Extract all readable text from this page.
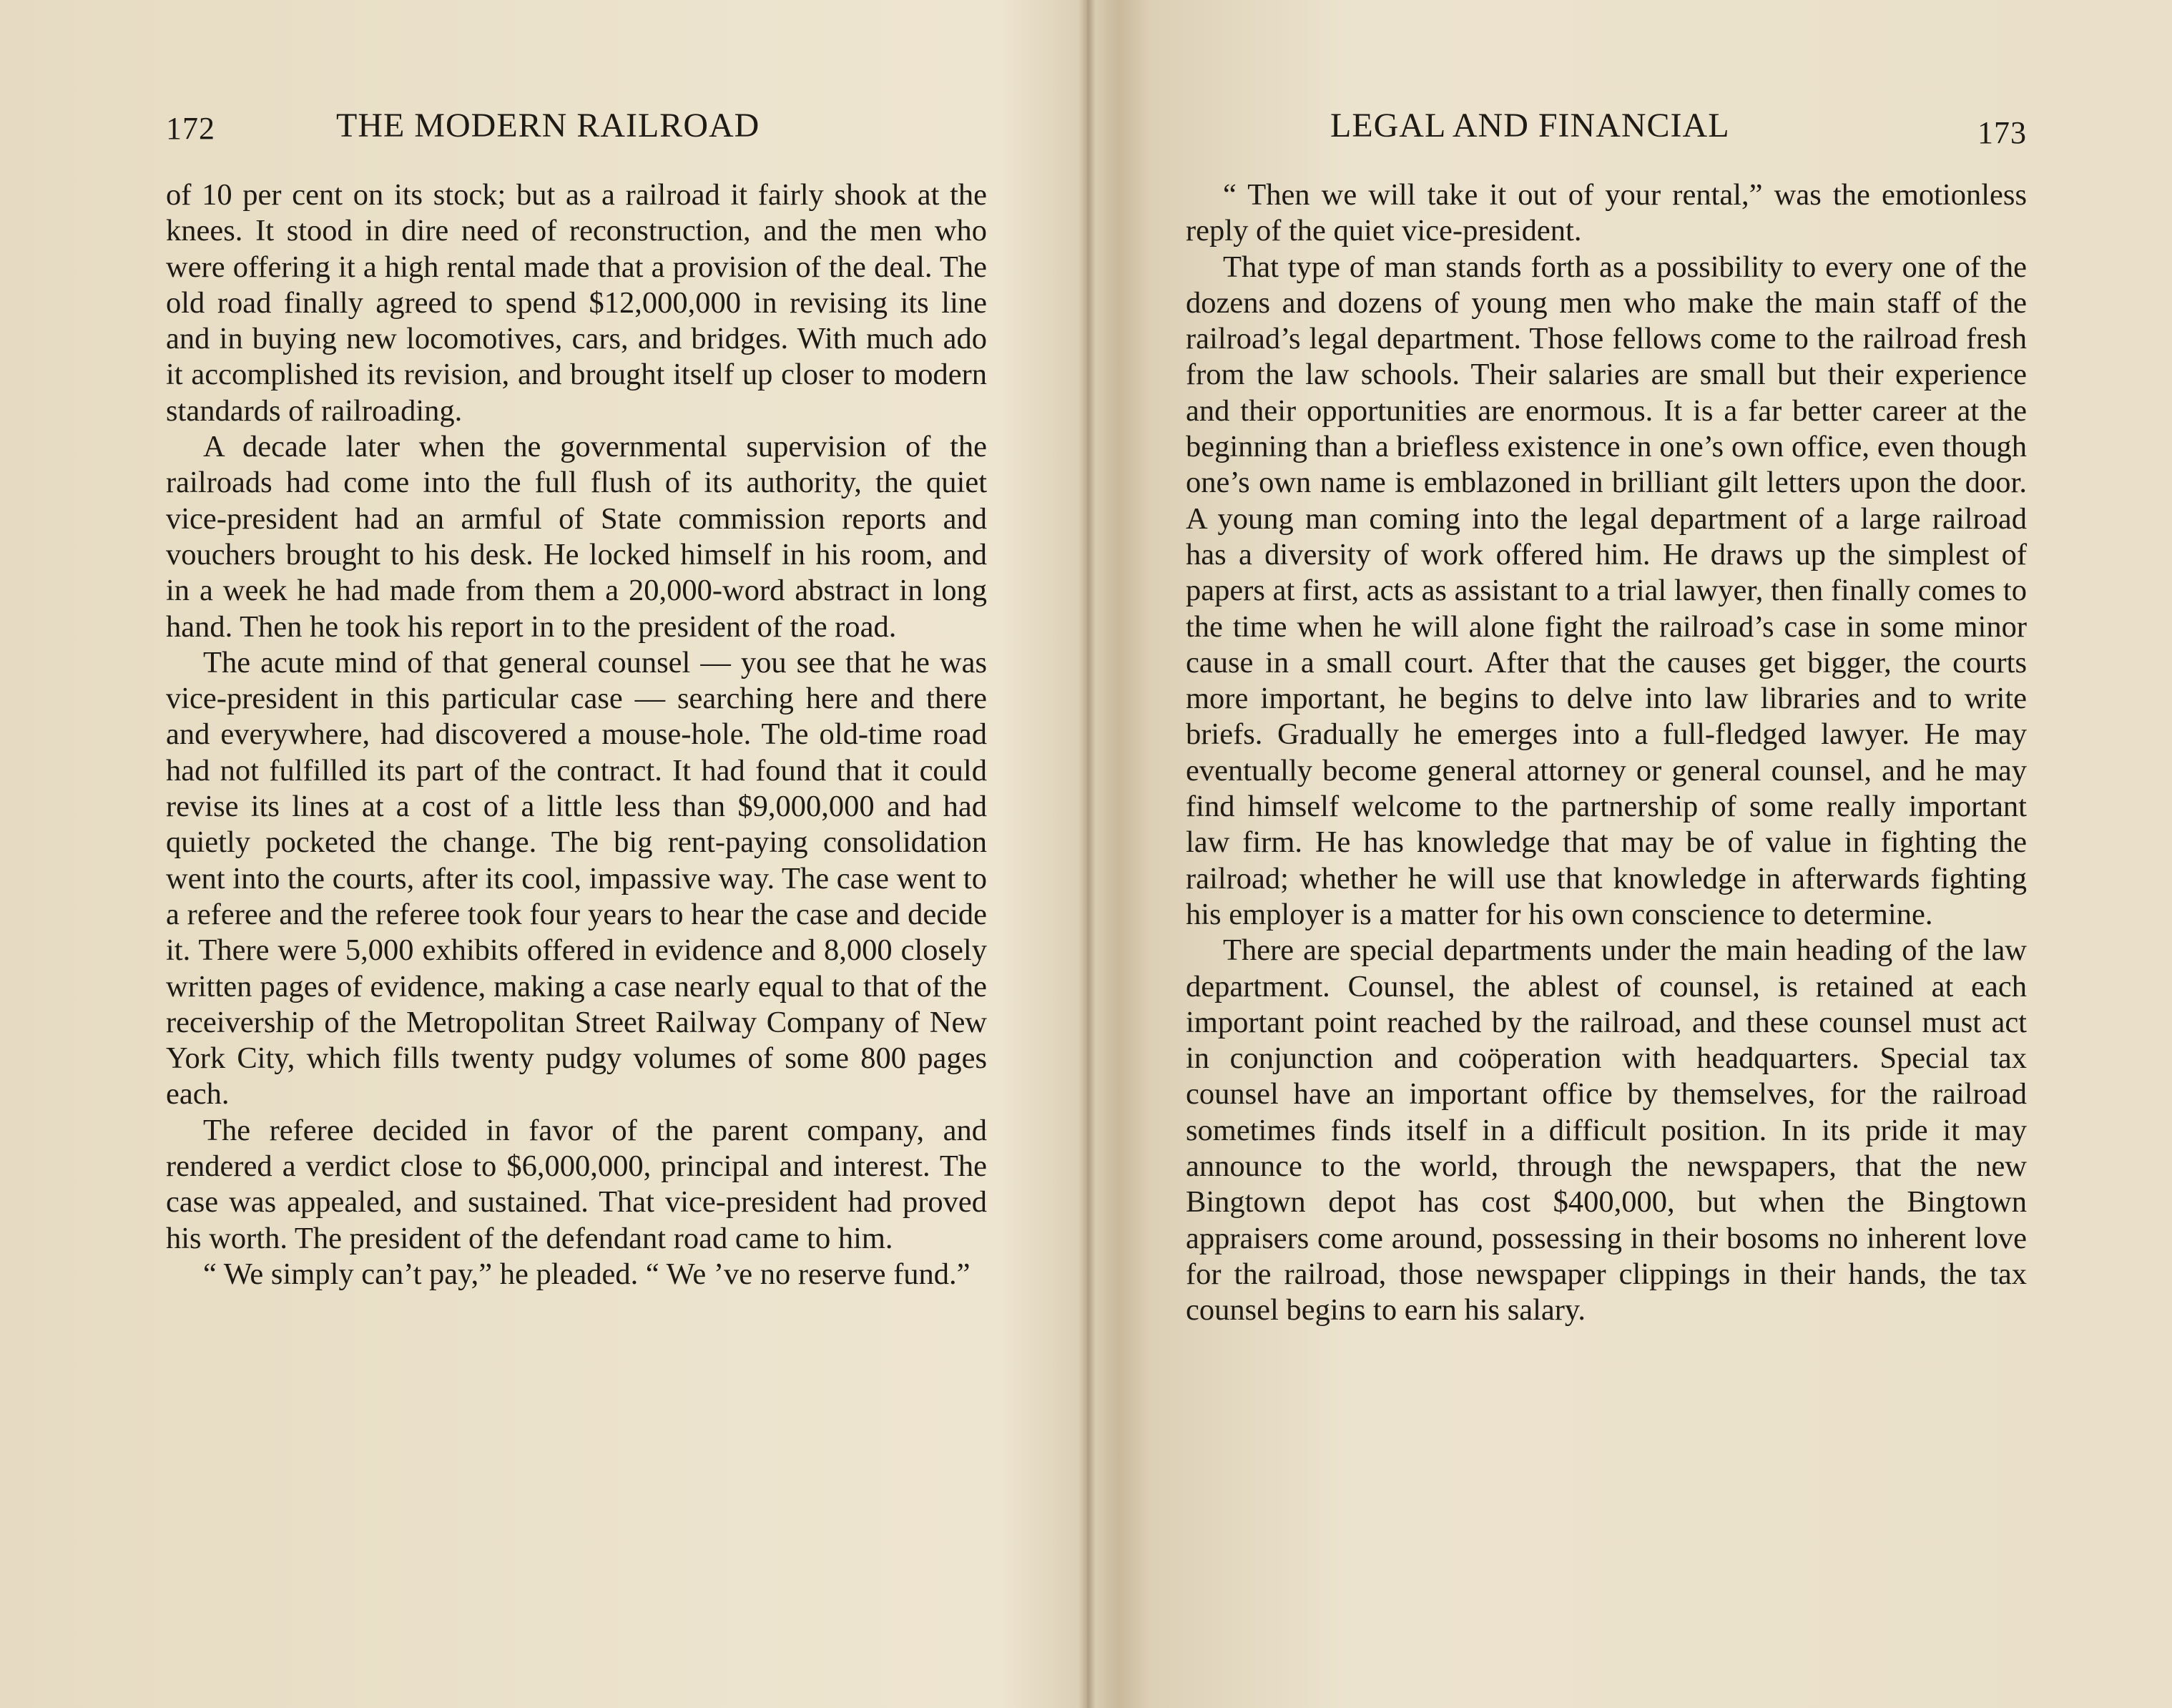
172	THE MODERN RAILROAD

of 10 per cent on its stock; but as a railroad it fairly shook at the knees. It stood in dire need of reconstruction, and the men who were offering it a high rental made that a provision of the deal. The old road finally agreed to spend $12,000,000 in revising its line and in buying new locomotives, cars, and bridges. With much ado it accomplished its revision, and brought itself up closer to modern standards of railroading.

A decade later when the governmental supervision of the railroads had come into the full flush of its authority, the quiet vice-president had an armful of State commission reports and vouchers brought to his desk. He locked himself in his room, and in a week he had made from them a 20,000-word abstract in long hand. Then he took his report in to the president of the road.

The acute mind of that general counsel — you see that he was vice-president in this particular case — searching here and there and everywhere, had discovered a mouse-hole. The old-time road had not fulfilled its part of the contract. It had found that it could revise its lines at a cost of a little less than $9,000,000 and had quietly pocketed the change. The big rent-paying consolidation went into the courts, after its cool, impassive way. The case went to a referee and the referee took four years to hear the case and decide it. There were 5,000 exhibits offered in evidence and 8,000 closely written pages of evidence, making a case nearly equal to that of the receivership of the Metropolitan Street Railway Company of New York City, which fills twenty pudgy volumes of some 800 pages each.

The referee decided in favor of the parent company, and rendered a verdict close to $6,000,000, principal and interest. The case was appealed, and sustained. That vice-president had proved his worth. The president of the defendant road came to him.

“ We simply can’t pay,” he pleaded. “ We ’ve no reserve fund.”

LEGAL AND FINANCIAL	173

“ Then we will take it out of your rental,” was the emotionless reply of the quiet vice-president.

That type of man stands forth as a possibility to every one of the dozens and dozens of young men who make the main staff of the railroad’s legal department. Those fellows come to the railroad fresh from the law schools. Their salaries are small but their experience and their opportunities are enormous. It is a far better career at the beginning than a briefless existence in one’s own office, even though one’s own name is emblazoned in brilliant gilt letters upon the door. A young man coming into the legal department of a large railroad has a diversity of work offered him. He draws up the simplest of papers at first, acts as assistant to a trial lawyer, then finally comes to the time when he will alone fight the railroad’s case in some minor cause in a small court. After that the causes get bigger, the courts more important, he begins to delve into law libraries and to write briefs. Gradually he emerges into a full-fledged lawyer. He may eventually become general attorney or general counsel, and he may find himself welcome to the partnership of some really important law firm. He has knowledge that may be of value in fighting the railroad; whether he will use that knowledge in afterwards fighting his employer is a matter for his own conscience to determine.

There are special departments under the main heading of the law department. Counsel, the ablest of counsel, is retained at each important point reached by the railroad, and these counsel must act in conjunction and coöperation with headquarters. Special tax counsel have an important office by themselves, for the railroad sometimes finds itself in a difficult position. In its pride it may announce to the world, through the newspapers, that the new Bingtown depot has cost $400,000, but when the Bingtown appraisers come around, possessing in their bosoms no inherent love for the railroad, those newspaper clippings in their hands, the tax counsel begins to earn his salary.
